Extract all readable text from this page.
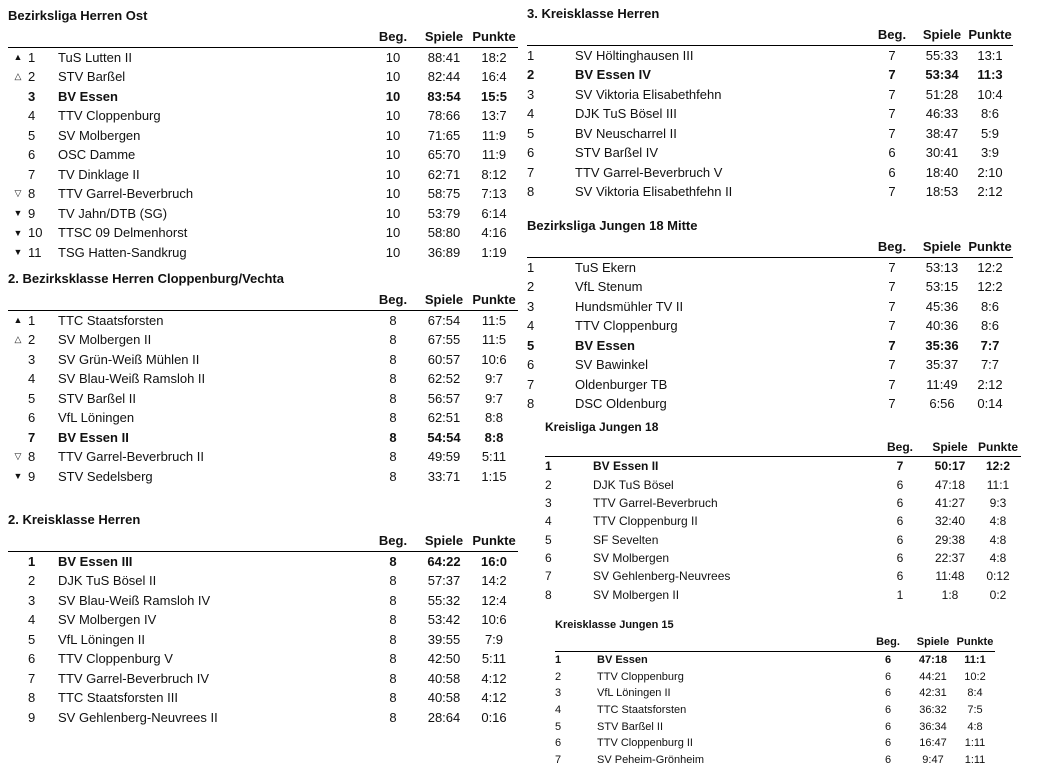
Bezirksliga Herren Ost
			Beg.	Spiele	Punkte
▲	1	TuS Lutten II	10	88:41	18:2
△	2	STV Barßel	10	82:44	16:4
	3	BV Essen	10	83:54	15:5
	4	TTV Cloppenburg	10	78:66	13:7
	5	SV Molbergen	10	71:65	11:9
	6	OSC Damme	10	65:70	11:9
	7	TV Dinklage II	10	62:71	8:12
▽	8	TTV Garrel-Beverbruch	10	58:75	7:13
▼	9	TV Jahn/DTB (SG)	10	53:79	6:14
▼	10	TTSC 09 Delmenhorst	10	58:80	4:16
▼	11	TSG Hatten-Sandkrug	10	36:89	1:19
2. Bezirksklasse Herren Cloppenburg/Vechta
			Beg.	Spiele	Punkte
▲	1	TTC Staatsforsten	8	67:54	11:5
△	2	SV Molbergen II	8	67:55	11:5
	3	SV Grün-Weiß Mühlen II	8	60:57	10:6
	4	SV Blau-Weiß Ramsloh II	8	62:52	9:7
	5	STV Barßel II	8	56:57	9:7
	6	VfL Löningen	8	62:51	8:8
	7	BV Essen II	8	54:54	8:8
▽	8	TTV Garrel-Beverbruch II	8	49:59	5:11
▼	9	STV Sedelsberg	8	33:71	1:15
2. Kreisklasse Herren
			Beg.	Spiele	Punkte
	1	BV Essen III	8	64:22	16:0
	2	DJK TuS Bösel II	8	57:37	14:2
	3	SV Blau-Weiß Ramsloh IV	8	55:32	12:4
	4	SV Molbergen IV	8	53:42	10:6
	5	VfL Löningen II	8	39:55	7:9
	6	TTV Cloppenburg V	8	42:50	5:11
	7	TTV Garrel-Beverbruch IV	8	40:58	4:12
	8	TTC Staatsforsten III	8	40:58	4:12
	9	SV Gehlenberg-Neuvrees II	8	28:64	0:16
3. Kreisklasse Herren
			Beg.	Spiele	Punkte
	1	SV Höltinghausen III	7	55:33	13:1
	2	BV Essen IV	7	53:34	11:3
	3	SV Viktoria Elisabethfehn	7	51:28	10:4
	4	DJK TuS Bösel III	7	46:33	8:6
	5	BV Neuscharrel II	7	38:47	5:9
	6	STV Barßel IV	6	30:41	3:9
	7	TTV Garrel-Beverbruch V	6	18:40	2:10
	8	SV Viktoria Elisabethfehn II	7	18:53	2:12
Bezirksliga Jungen 18 Mitte
			Beg.	Spiele	Punkte
	1	TuS Ekern	7	53:13	12:2
	2	VfL Stenum	7	53:15	12:2
	3	Hundsmühler TV II	7	45:36	8:6
	4	TTV Cloppenburg	7	40:36	8:6
	5	BV Essen	7	35:36	7:7
	6	SV Bawinkel	7	35:37	7:7
	7	Oldenburger TB	7	11:49	2:12
	8	DSC Oldenburg	7	6:56	0:14
Kreisliga Jungen 18
			Beg.	Spiele	Punkte
	1	BV Essen II	7	50:17	12:2
	2	DJK TuS Bösel	6	47:18	11:1
	3	TTV Garrel-Beverbruch	6	41:27	9:3
	4	TTV Cloppenburg II	6	32:40	4:8
	5	SF Sevelten	6	29:38	4:8
	6	SV Molbergen	6	22:37	4:8
	7	SV Gehlenberg-Neuvrees	6	11:48	0:12
	8	SV Molbergen II	1	1:8	0:2
Kreisklasse Jungen 15
			Beg.	Spiele	Punkte
	1	BV Essen	6	47:18	11:1
	2	TTV Cloppenburg	6	44:21	10:2
	3	VfL Löningen II	6	42:31	8:4
	4	TTC Staatsforsten	6	36:32	7:5
	5	STV Barßel II	6	36:34	4:8
	6	TTV Cloppenburg II	6	16:47	1:11
	7	SV Peheim-Grönheim	6	9:47	1:11
